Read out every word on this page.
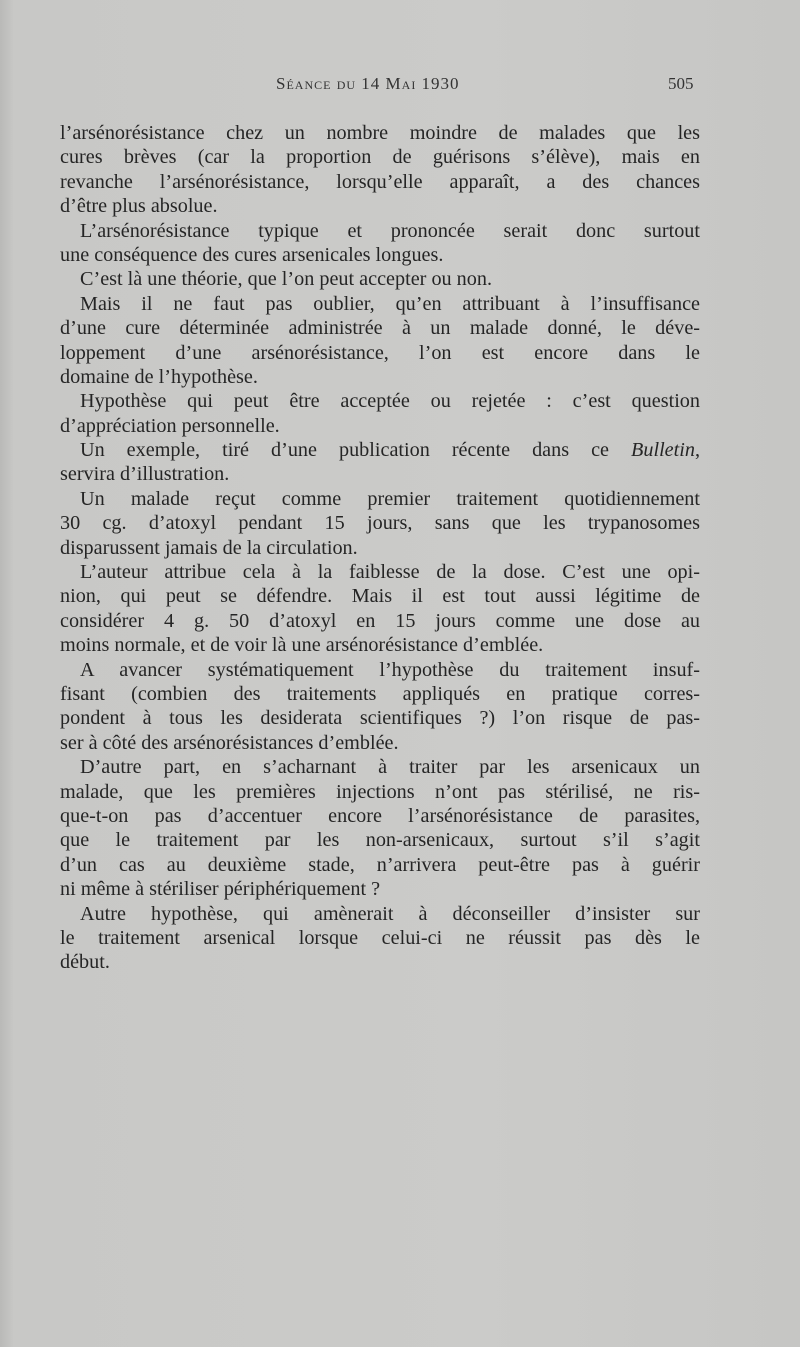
Séance du 14 Mai 1930	505
l’arsénorésistance chez un nombre moindre de malades que les
cures brèves (car la proportion de guérisons s’élève), mais en
revanche l’arsénorésistance, lorsqu’elle apparaît, a des chances
d’être plus absolue.
L’arsénorésistance typique et prononcée serait donc surtout
une conséquence des cures arsenicales longues.
C’est là une théorie, que l’on peut accepter ou non.
Mais il ne faut pas oublier, qu’en attribuant à l’insuffisance
d’une cure déterminée administrée à un malade donné, le déve-
loppement d’une arsénorésistance, l’on est encore dans le
domaine de l’hypothèse.
Hypothèse qui peut être acceptée ou rejetée : c’est question
d’appréciation personnelle.
Un exemple, tiré d’une publication récente dans ce Bulletin,
servira d’illustration.
Un malade reçut comme premier traitement quotidiennement
30 cg. d’atoxyl pendant 15 jours, sans que les trypanosomes
disparussent jamais de la circulation.
L’auteur attribue cela à la faiblesse de la dose. C’est une opi-
nion, qui peut se défendre. Mais il est tout aussi légitime de
considérer 4 g. 50 d’atoxyl en 15 jours comme une dose au
moins normale, et de voir là une arsénorésistance d’emblée.
A avancer systématiquement l’hypothèse du traitement insuf-
fisant (combien des traitements appliqués en pratique corres-
pondent à tous les desiderata scientifiques ?) l’on risque de pas-
ser à côté des arsénorésistances d’emblée.
D’autre part, en s’acharnant à traiter par les arsenicaux un
malade, que les premières injections n’ont pas stérilisé, ne ris-
que-t-on pas d’accentuer encore l’arsénorésistance de parasites,
que le traitement par les non-arsenicaux, surtout s’il s’agit
d’un cas au deuxième stade, n’arrivera peut-être pas à guérir
ni même à stériliser périphériquement ?
Autre hypothèse, qui amènerait à déconseiller d’insister sur
le traitement arsenical lorsque celui-ci ne réussit pas dès le
début.
